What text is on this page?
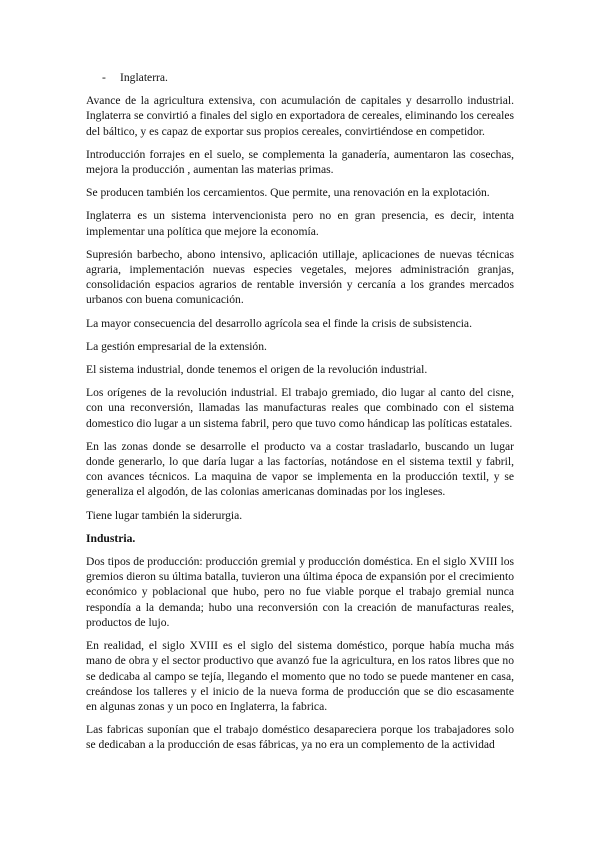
-	Inglaterra.

Avance de la agricultura extensiva, con acumulación de capitales y desarrollo industrial. Inglaterra se convirtió a finales del siglo en exportadora de cereales, eliminando los cereales del báltico, y es capaz de exportar sus propios cereales, convirtiéndose en competidor.

Introducción forrajes en el suelo, se complementa la ganadería, aumentaron las cosechas, mejora la producción , aumentan las materias primas.

Se producen también los cercamientos. Que permite, una renovación en la explotación.

Inglaterra es un sistema intervencionista pero no en gran presencia, es decir, intenta implementar una política que mejore la economía.

Supresión barbecho, abono intensivo, aplicación utillaje, aplicaciones de nuevas técnicas agraria, implementación nuevas especies vegetales, mejores administración granjas, consolidación espacios agrarios de rentable inversión y cercanía a los grandes mercados urbanos con buena comunicación.

La mayor consecuencia del desarrollo agrícola sea el finde la crisis de subsistencia.

La gestión empresarial de la extensión.

El sistema industrial, donde tenemos el origen de la revolución industrial.

Los orígenes de la revolución industrial. El trabajo gremiado, dio lugar al canto del cisne, con una reconversión, llamadas las manufacturas reales que combinado con el sistema domestico dio lugar a un sistema fabril, pero que tuvo como hándicap las políticas estatales.

En las zonas donde se desarrolle el producto va a costar trasladarlo, buscando un lugar donde generarlo, lo que daría lugar a las factorías, notándose en el sistema textil y fabril, con avances técnicos. La maquina de vapor se implementa en la producción textil, y se generaliza el algodón, de las colonias americanas dominadas por los ingleses.

Tiene lugar también la siderurgia.

Industria.

Dos tipos de producción: producción gremial y producción doméstica. En el siglo XVIII los gremios dieron su última batalla, tuvieron una última época de expansión por el crecimiento económico y poblacional que hubo, pero no fue viable porque el trabajo gremial nunca respondía a la demanda; hubo una reconversión con la creación de manufacturas reales, productos de lujo.

En realidad, el siglo XVIII es el siglo del sistema doméstico, porque había mucha más mano de obra y el sector productivo que avanzó fue la agricultura, en los ratos libres que no se dedicaba al campo se tejía, llegando el momento que no todo se puede mantener en casa, creándose los talleres y el inicio de la nueva forma de producción que se dio escasamente en algunas zonas y un poco en Inglaterra, la fabrica.

Las fabricas suponían que el trabajo doméstico desapareciera porque los trabajadores solo se dedicaban a la producción de esas fábricas, ya no era un complemento de la actividad
